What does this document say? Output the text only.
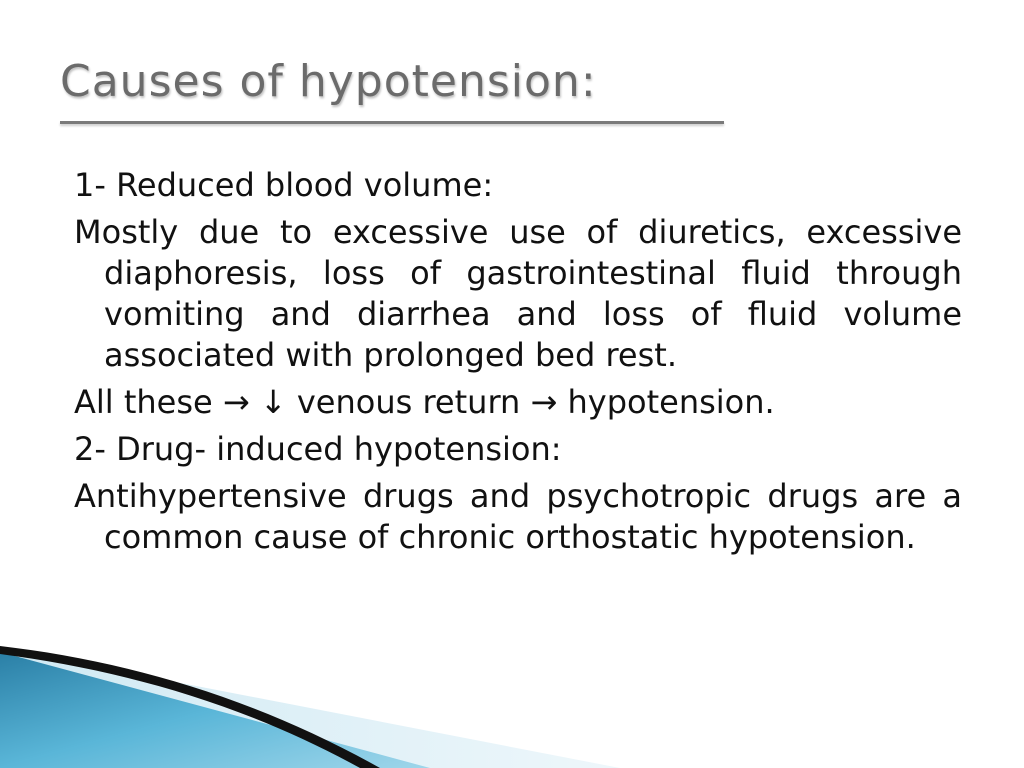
Causes of hypotension:

1- Reduced blood volume:

Mostly due to excessive use of diuretics, excessive diaphoresis, loss of gastrointestinal fluid through vomiting and diarrhea and loss of fluid volume associated with prolonged bed rest.

All these → ↓ venous return → hypotension.

2- Drug- induced hypotension:

Antihypertensive drugs and psychotropic drugs are a common cause of chronic orthostatic hypotension.
